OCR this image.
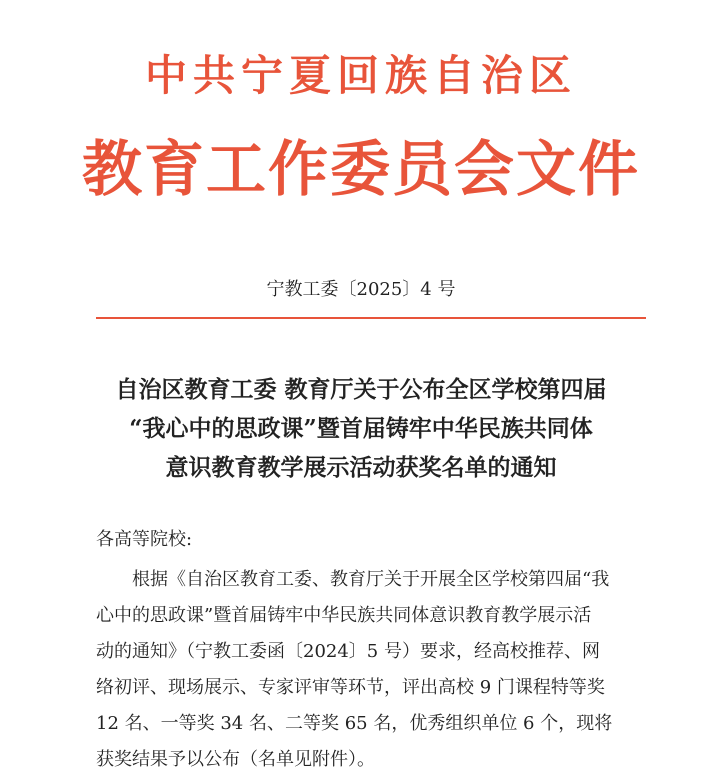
中共宁夏回族自治区
教育工作委员会文件
宁教工委〔2025〕4 号
自治区教育工委 教育厅关于公布全区学校第四届
“我心中的思政课”暨首届铸牢中华民族共同体
意识教育教学展示活动获奖名单的通知
各高等院校:
根据《自治区教育工委、教育厅关于开展全区学校第四届“我
心中的思政课”暨首届铸牢中华民族共同体意识教育教学展示活
动的通知》（宁教工委函〔2024〕5 号）要求，经高校推荐、网
络初评、现场展示、专家评审等环节，评出高校 9 门课程特等奖
12 名、一等奖 34 名、二等奖 65 名，优秀组织单位 6 个，现将
获奖结果予以公布（名单见附件）。
